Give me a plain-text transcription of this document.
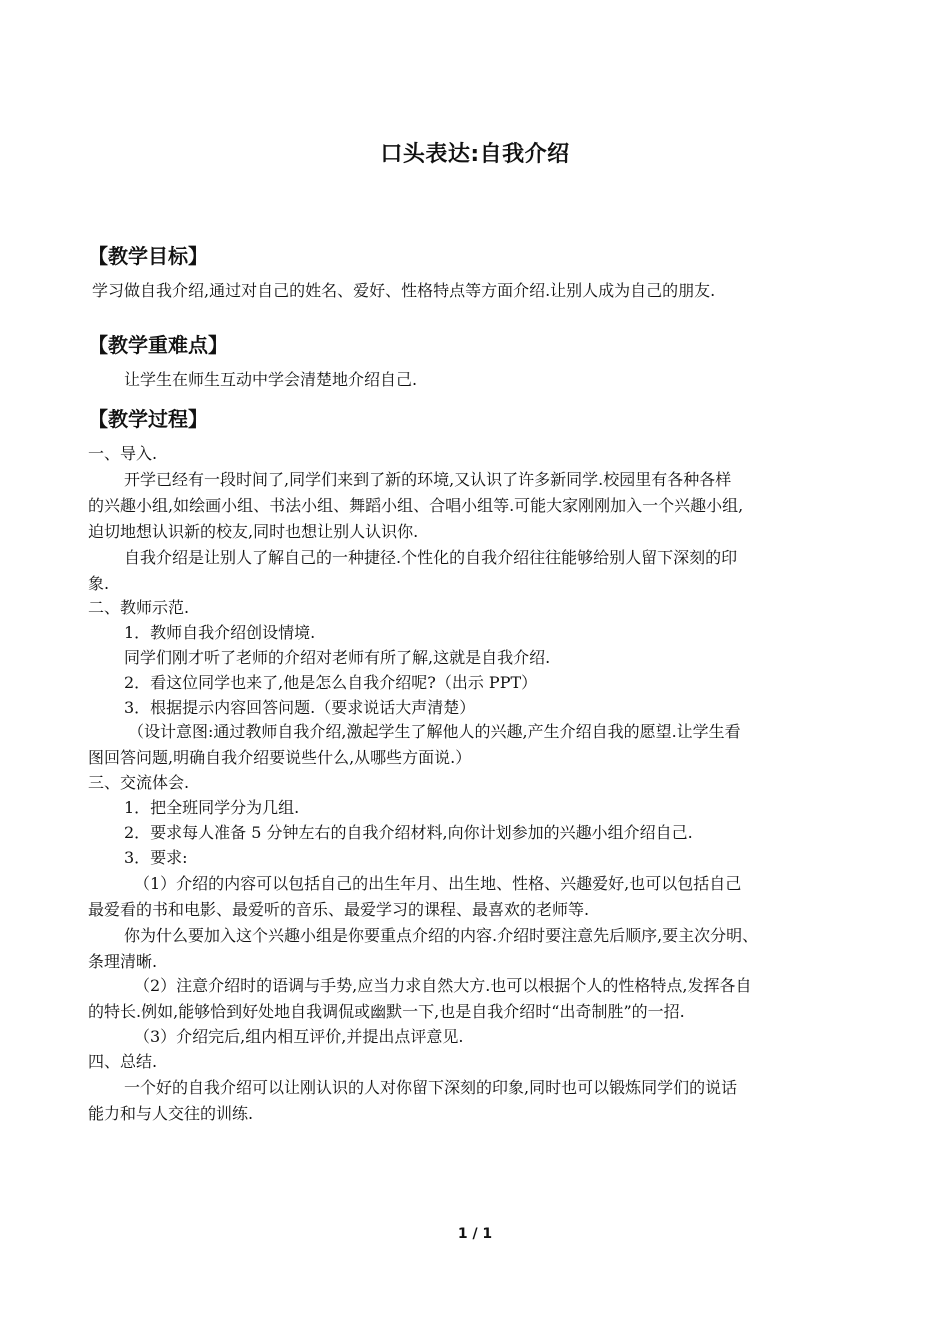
口头表达:自我介绍
【教学目标】
学习做自我介绍,通过对自己的姓名、爱好、性格特点等方面介绍.让别人成为自己的朋友.
【教学重难点】
让学生在师生互动中学会清楚地介绍自己.
【教学过程】
一、导入.
开学已经有一段时间了,同学们来到了新的环境,又认识了许多新同学.校园里有各种各样
的兴趣小组,如绘画小组、书法小组、舞蹈小组、合唱小组等.可能大家刚刚加入一个兴趣小组,
迫切地想认识新的校友,同时也想让别人认识你.
自我介绍是让别人了解自己的一种捷径.个性化的自我介绍往往能够给别人留下深刻的印
象.
二、教师示范.
1．教师自我介绍创设情境.
同学们刚才听了老师的介绍对老师有所了解,这就是自我介绍.
2．看这位同学也来了,他是怎么自我介绍呢?（出示 PPT）
3．根据提示内容回答问题.（要求说话大声清楚）
（设计意图:通过教师自我介绍,激起学生了解他人的兴趣,产生介绍自我的愿望.让学生看
图回答问题,明确自我介绍要说些什么,从哪些方面说.）
三、交流体会.
1．把全班同学分为几组.
2．要求每人准备 5 分钟左右的自我介绍材料,向你计划参加的兴趣小组介绍自己.
3．要求:
（1）介绍的内容可以包括自己的出生年月、出生地、性格、兴趣爱好,也可以包括自己
最爱看的书和电影、最爱听的音乐、最爱学习的课程、最喜欢的老师等.
你为什么要加入这个兴趣小组是你要重点介绍的内容.介绍时要注意先后顺序,要主次分明、
条理清晰.
（2）注意介绍时的语调与手势,应当力求自然大方.也可以根据个人的性格特点,发挥各自
的特长.例如,能够恰到好处地自我调侃或幽默一下,也是自我介绍时“出奇制胜”的一招.
（3）介绍完后,组内相互评价,并提出点评意见.
四、总结.
一个好的自我介绍可以让刚认识的人对你留下深刻的印象,同时也可以锻炼同学们的说话
能力和与人交往的训练.
1 / 1
